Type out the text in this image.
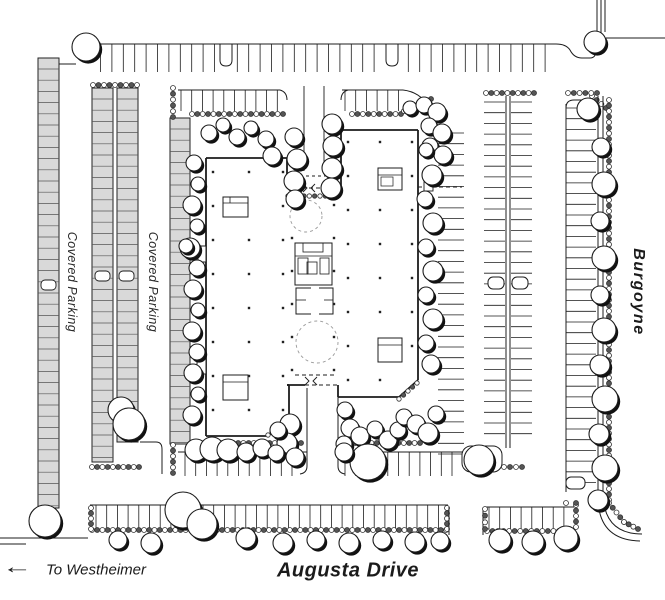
Covered Parking	Covered Parking	Burgoyne
Augusta Drive
To Westheimer
←
